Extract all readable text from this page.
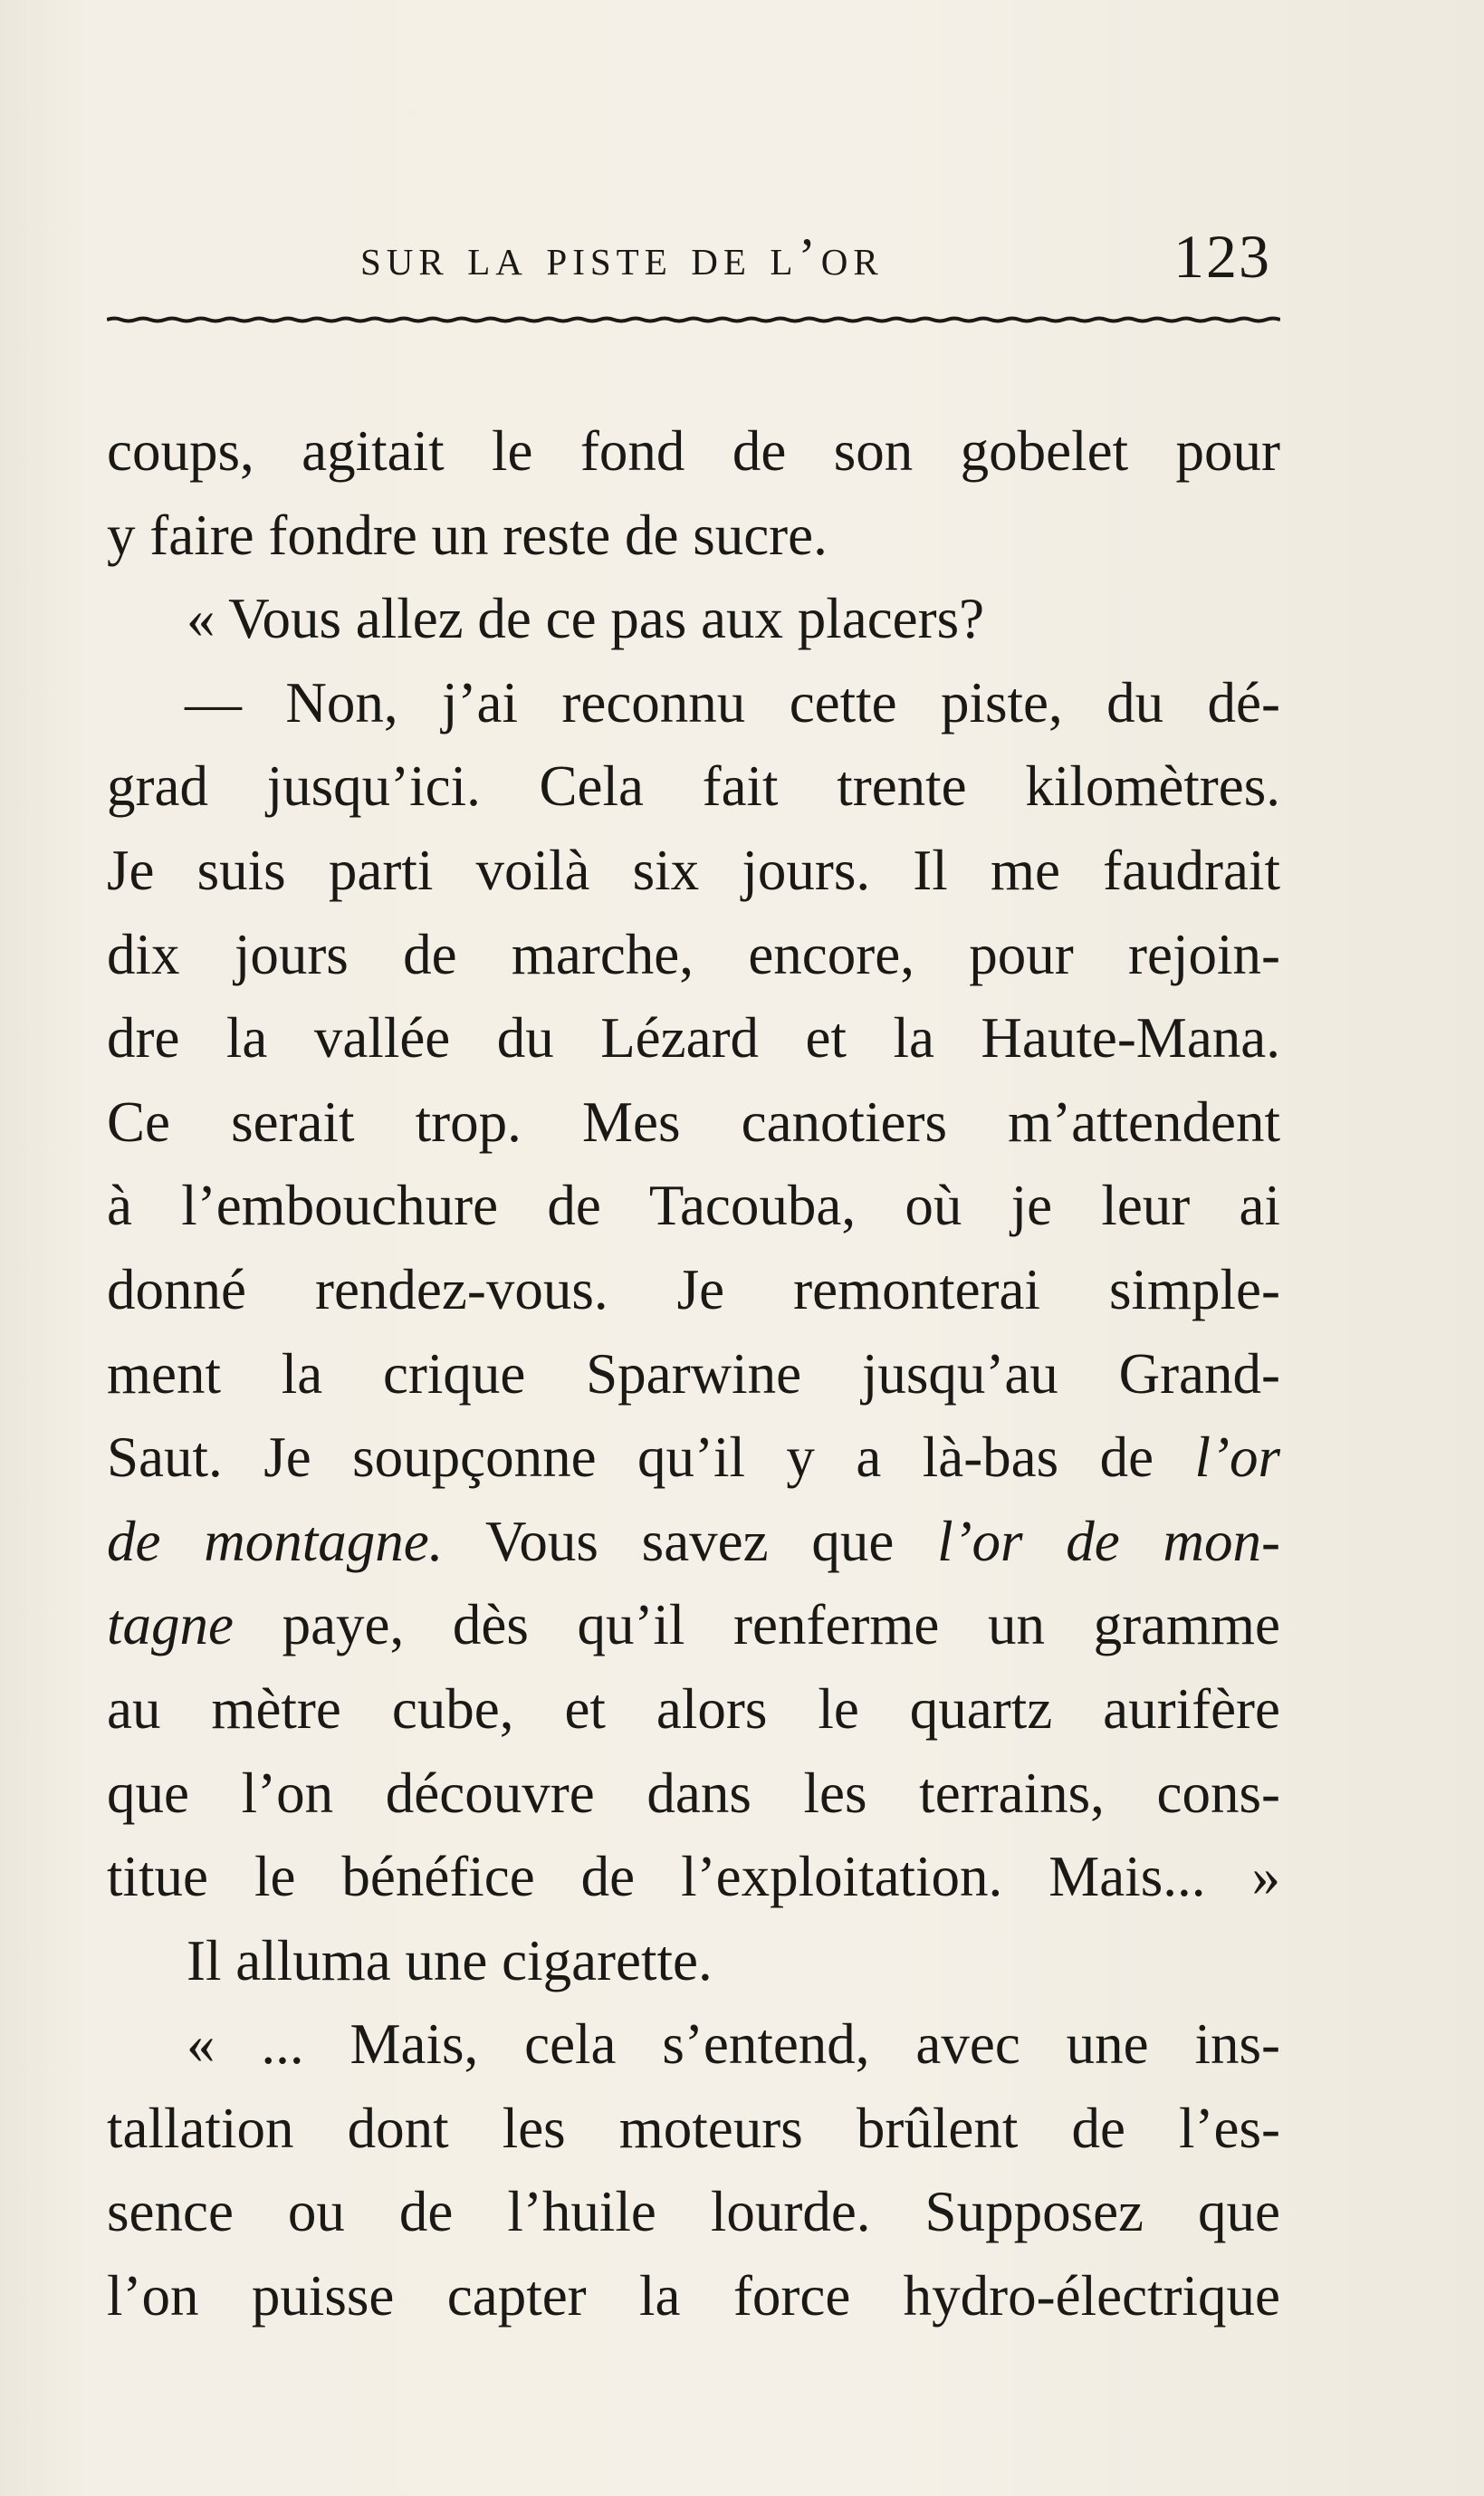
sur la piste de l’or	123
coups, agitait le fond de son gobelet pour
y faire fondre un reste de sucre.
« Vous allez de ce pas aux placers?
— Non, j’ai reconnu cette piste, du dé-
grad jusqu’ici. Cela fait trente kilomètres.
Je suis parti voilà six jours. Il me faudrait
dix jours de marche, encore, pour rejoin-
dre la vallée du Lézard et la Haute-Mana.
Ce serait trop. Mes canotiers m’attendent
à l’embouchure de Tacouba, où je leur ai
donné rendez-vous. Je remonterai simple-
ment la crique Sparwine jusqu’au Grand-
Saut. Je soupçonne qu’il y a là-bas de l’or
de montagne. Vous savez que l’or de mon-
tagne paye, dès qu’il renferme un gramme
au mètre cube, et alors le quartz aurifère
que l’on découvre dans les terrains, cons-
titue le bénéfice de l’exploitation. Mais... »
Il alluma une cigarette.
« ... Mais, cela s’entend, avec une ins-
tallation dont les moteurs brûlent de l’es-
sence ou de l’huile lourde. Supposez que
l’on puisse capter la force hydro-électrique
